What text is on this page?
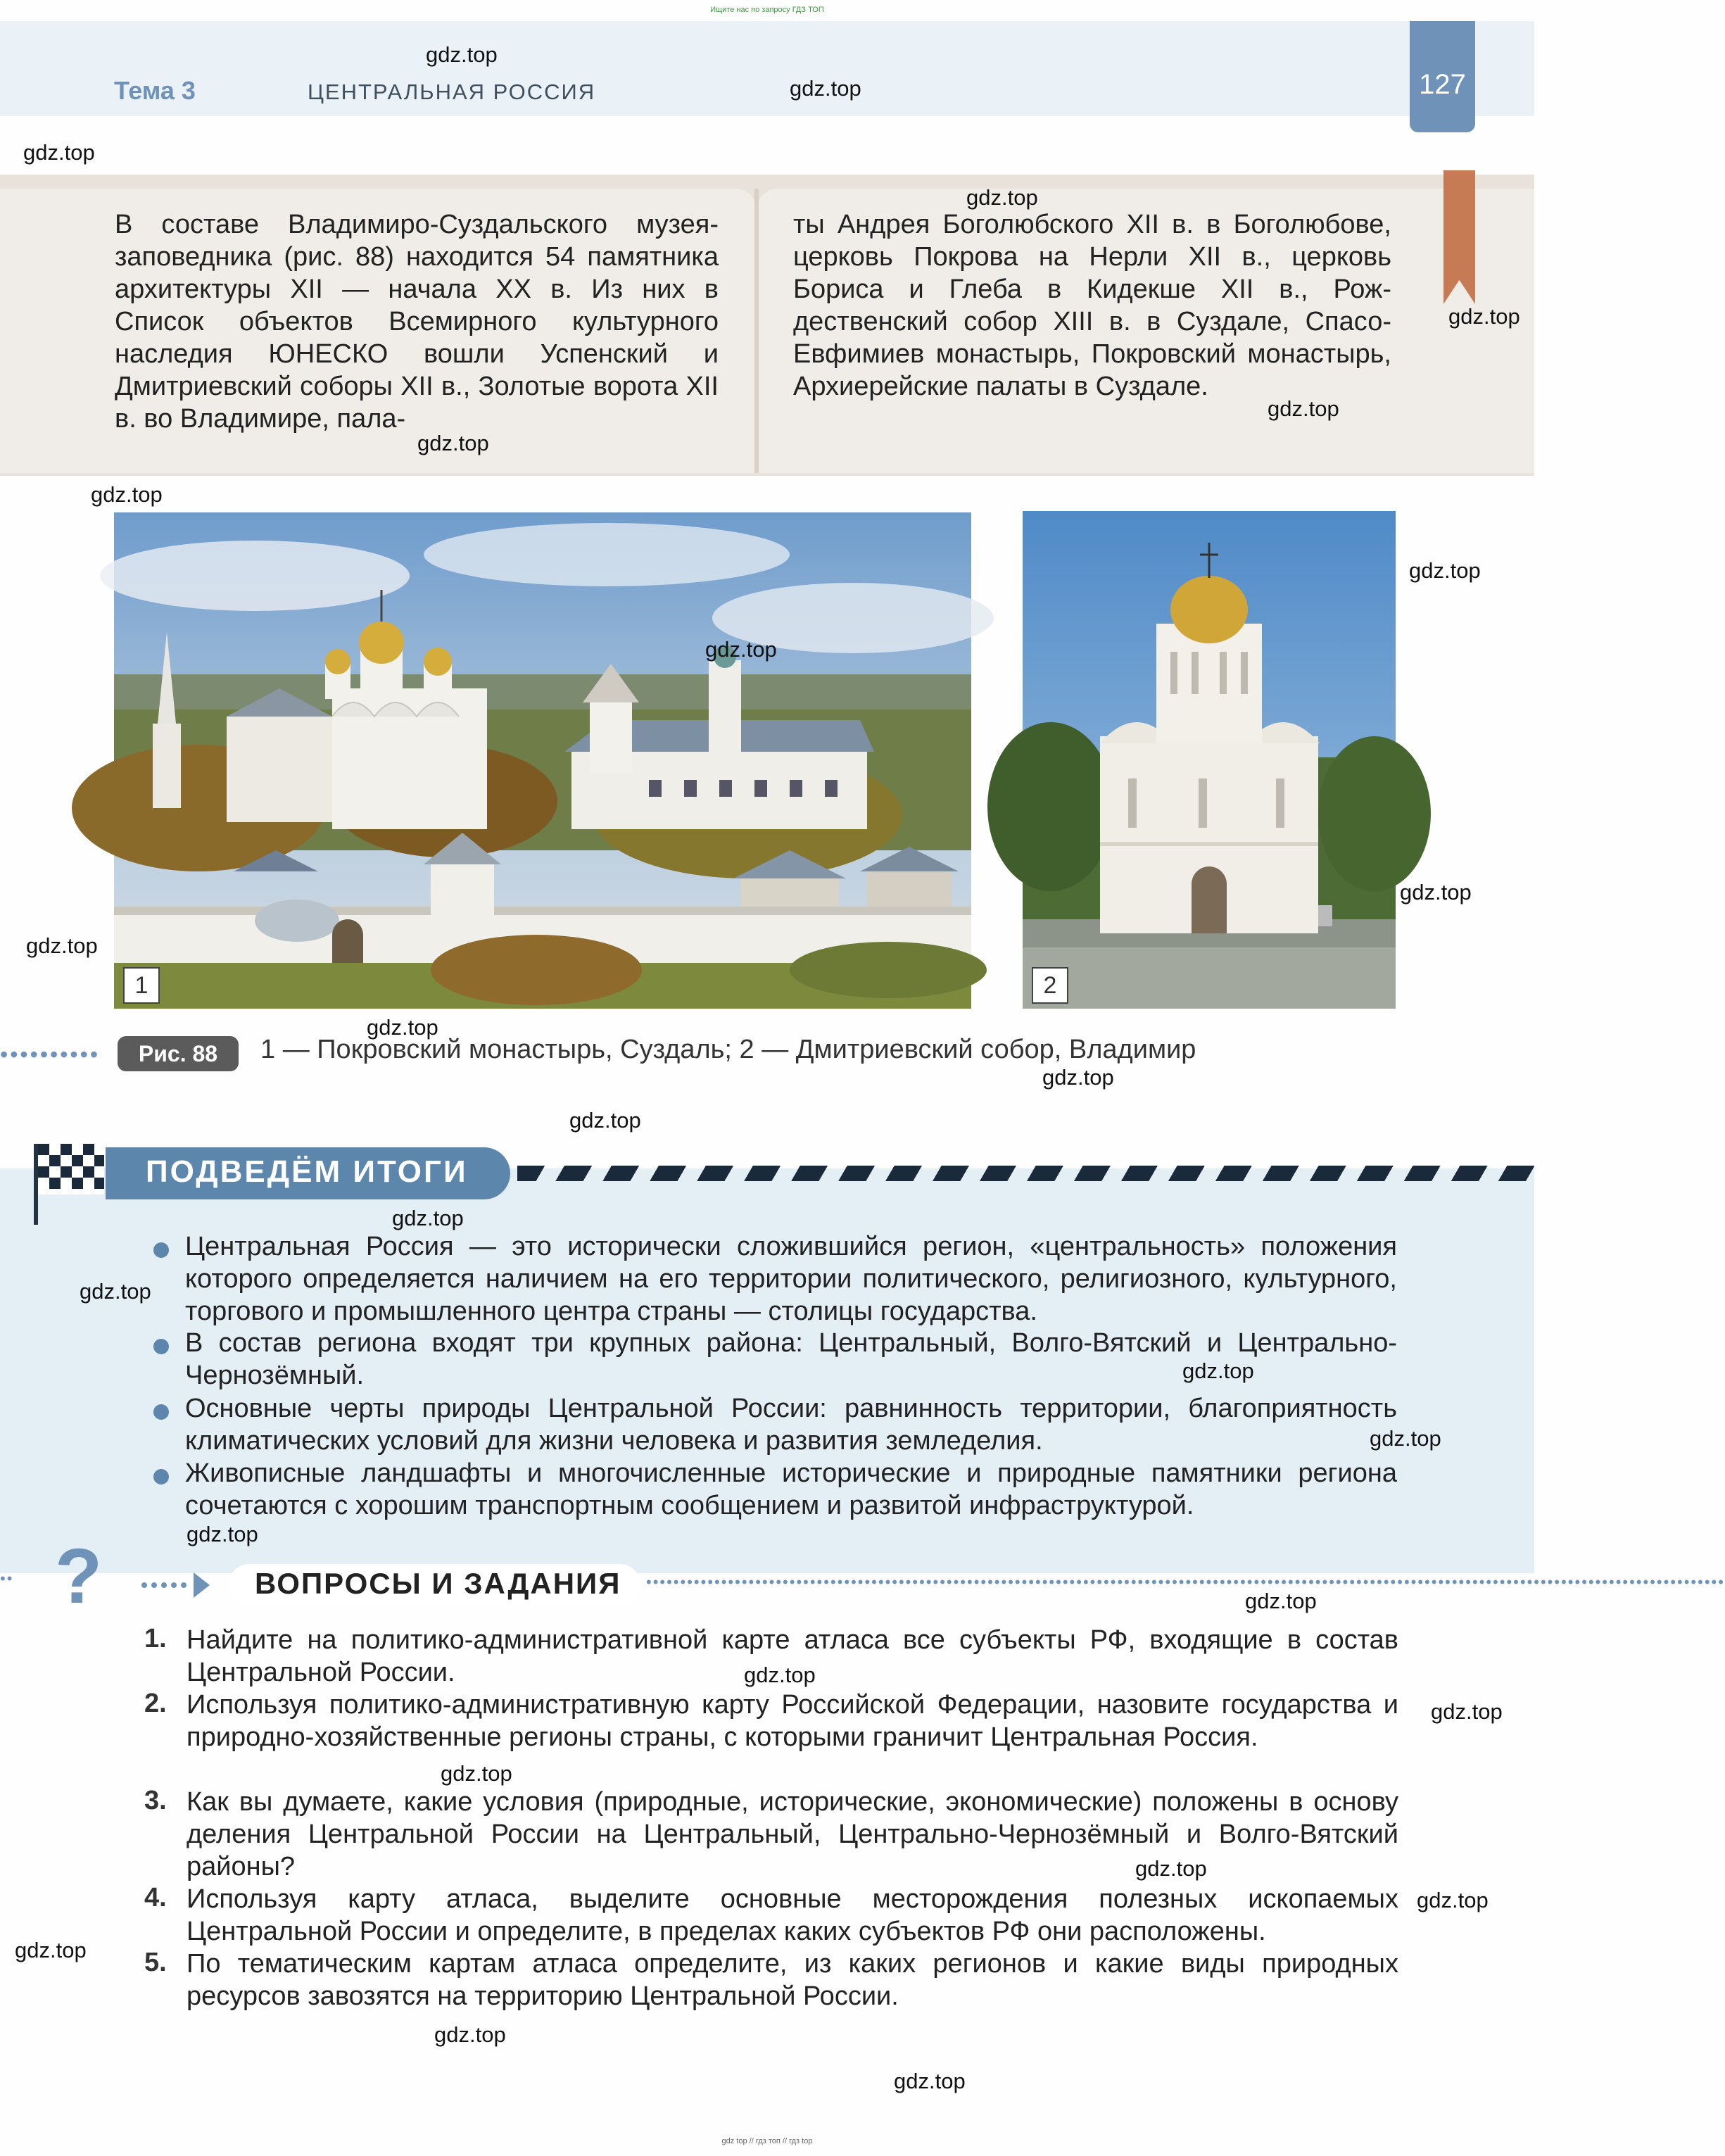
Ищите нас по запросу ГДЗ ТОП
Тема 3	ЦЕНТРАЛЬНАЯ РОССИЯ	127
В составе Владимиро-Суздальского музея-заповедника (рис. 88) находится 54 памятника архитектуры XII — начала XX в. Из них в Список объектов Всемирного культурного наследия ЮНЕСКО вошли Успенский и Дмитриевский соборы XII в., Золотые ворота XII в. во Владимире, пала-
ты Андрея Боголюбского XII в. в Боголюбове, церковь Покрова на Нерли XII в., церковь Бориса и Глеба в Кидекше XII в., Рождественский собор XIII в. в Суздале, Спасо-Евфимиев монастырь, Покровский монастырь, Архиерейские палаты в Суздале.
1	2
••••••••••	Рис. 88	1 — Покровский монастырь, Суздаль; 2 — Дмитриевский собор, Владимир
ПОДВЕДЁМ ИТОГИ
Центральная Россия — это исторически сложившийся регион, «центральность» положения которого определяется наличием на его территории политического, религиозного, культурного, торгового и промышленного центра страны — столицы государства.
В состав региона входят три крупных района: Центральный, Волго-Вятский и Центрально-Чернозёмный.
Основные черты природы Центральной России: равнинность территории, благоприятность климатических условий для жизни человека и развития земледелия.
Живописные ландшафты и многочисленные исторические и природные памятники региона сочетаются с хорошим транспортным сообщением и развитой инфраструктурой.
•• ?	ВОПРОСЫ И ЗАДАНИЯ ••••••••••••••••••••••••••••••••••••••••••••••••••••••••••••••••••••••••••••••••••••••••••••••••••••••••••••••••••••••••••••••••••••••••••••••••••••••••••••••
1. Найдите на политико-административной карте атласа все субъекты РФ, входящие в состав Центральной России.
2. Используя политико-административную карту Российской Федерации, назовите государства и природно-хозяйственные регионы страны, с которыми граничит Центральная Россия.
3. Как вы думаете, какие условия (природные, исторические, экономические) положены в основу деления Центральной России на Центральный, Центрально-Чернозёмный и Волго-Вятский районы?
4. Используя карту атласа, выделите основные месторождения полезных ископаемых Центральной России и определите, в пределах каких субъектов РФ они расположены.
5. По тематическим картам атласа определите, из каких регионов и какие виды природных ресурсов завозятся на территорию Центральной России.
gdz.top
gdz.top
gdz.top
gdz.top
gdz.top
gdz.top
gdz.top
gdz.top
gdz.top
gdz.top
gdz.top
gdz.top
gdz.top
gdz.top
gdz.top
gdz.top
gdz.top
gdz.top
gdz.top
gdz.top
gdz.top
gdz.top
gdz.top
gdz.top
gdz.top
gdz.top
gdz.top
gdz.top
gdz.top
gdz top // гдз топ // гдз top
